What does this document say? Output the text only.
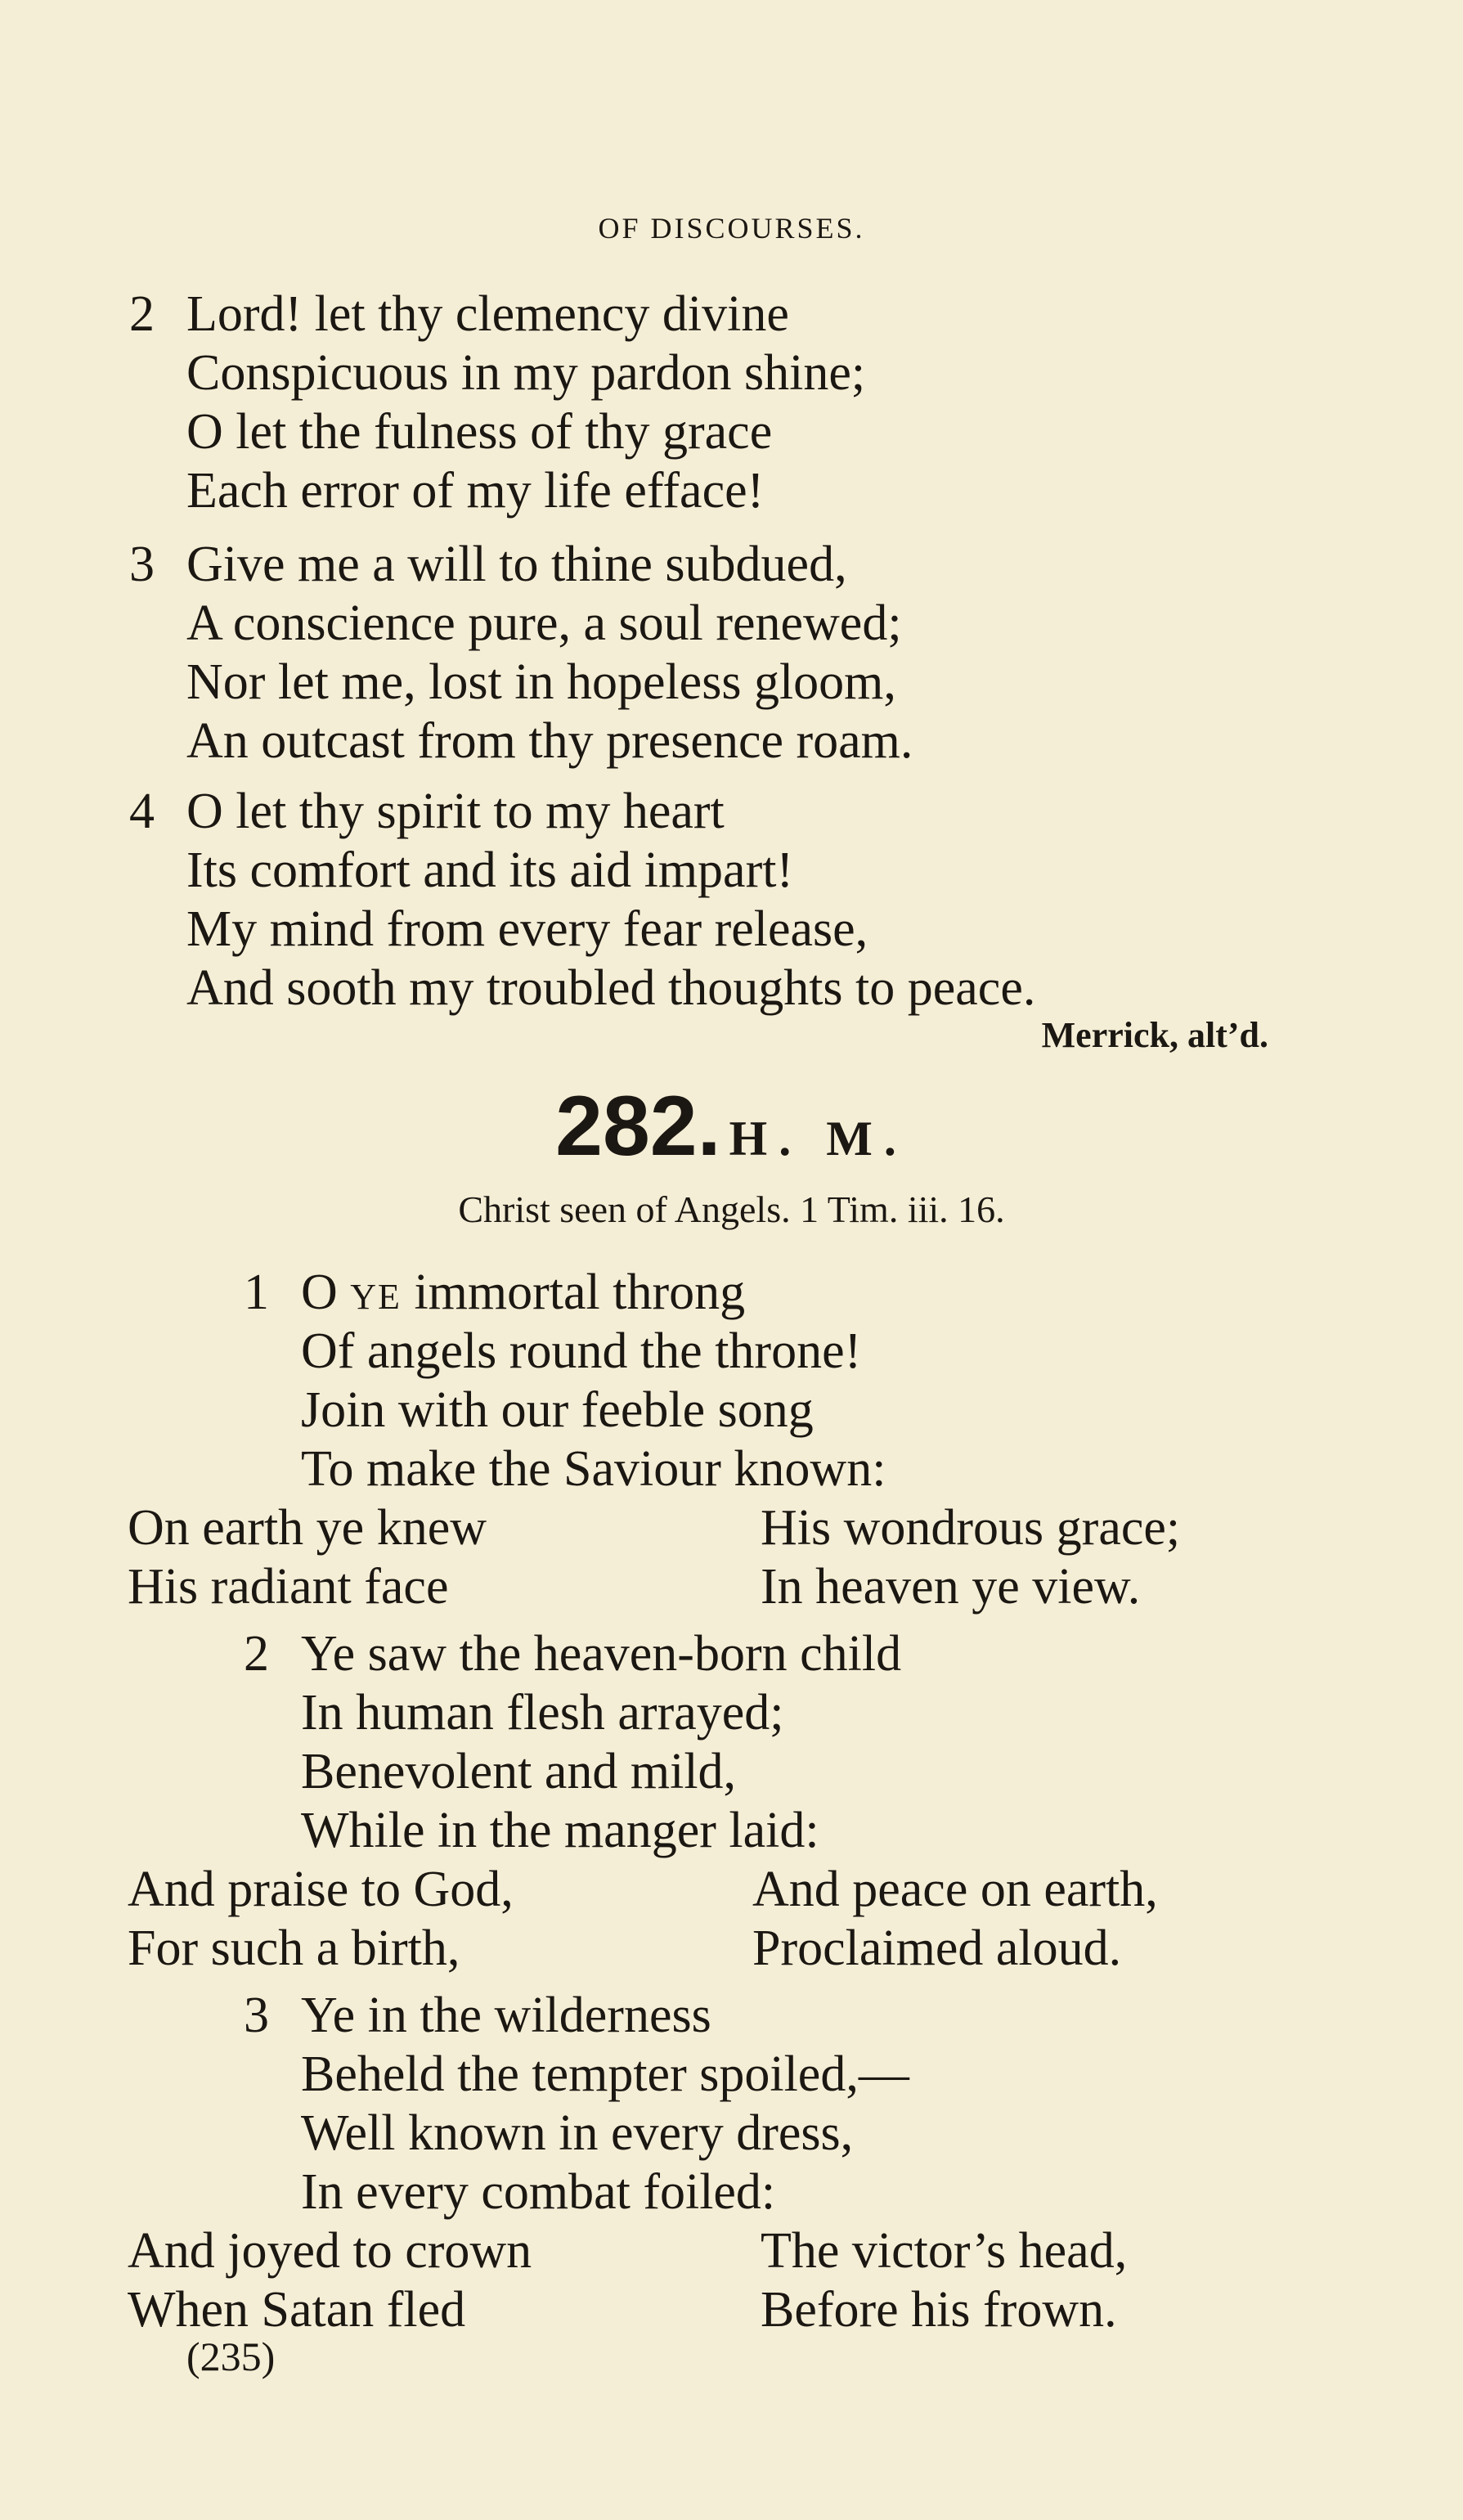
OF DISCOURSES.
2 Lord! let thy clemency divine
Conspicuous in my pardon shine;
O let the fulness of thy grace
Each error of my life efface!
3 Give me a will to thine subdued,
A conscience pure, a soul renewed;
Nor let me, lost in hopeless gloom,
An outcast from thy presence roam.
4 O let thy spirit to my heart
Its comfort and its aid impart!
My mind from every fear release,
And sooth my troubled thoughts to peace.
Merrick, alt’d.
282. H. M.
Christ seen of Angels. 1 Tim. iii. 16.
1 O YE immortal throng
Of angels round the throne!
Join with our feeble song
To make the Saviour known:
On earth ye knew	His wondrous grace;
His radiant face	In heaven ye view.
2 Ye saw the heaven-born child
In human flesh arrayed;
Benevolent and mild,
While in the manger laid:
And praise to God,	And peace on earth,
For such a birth,	Proclaimed aloud.
3 Ye in the wilderness
Beheld the tempter spoiled,—
Well known in every dress,
In every combat foiled:
And joyed to crown	The victor’s head,
When Satan fled	Before his frown.
(235)
